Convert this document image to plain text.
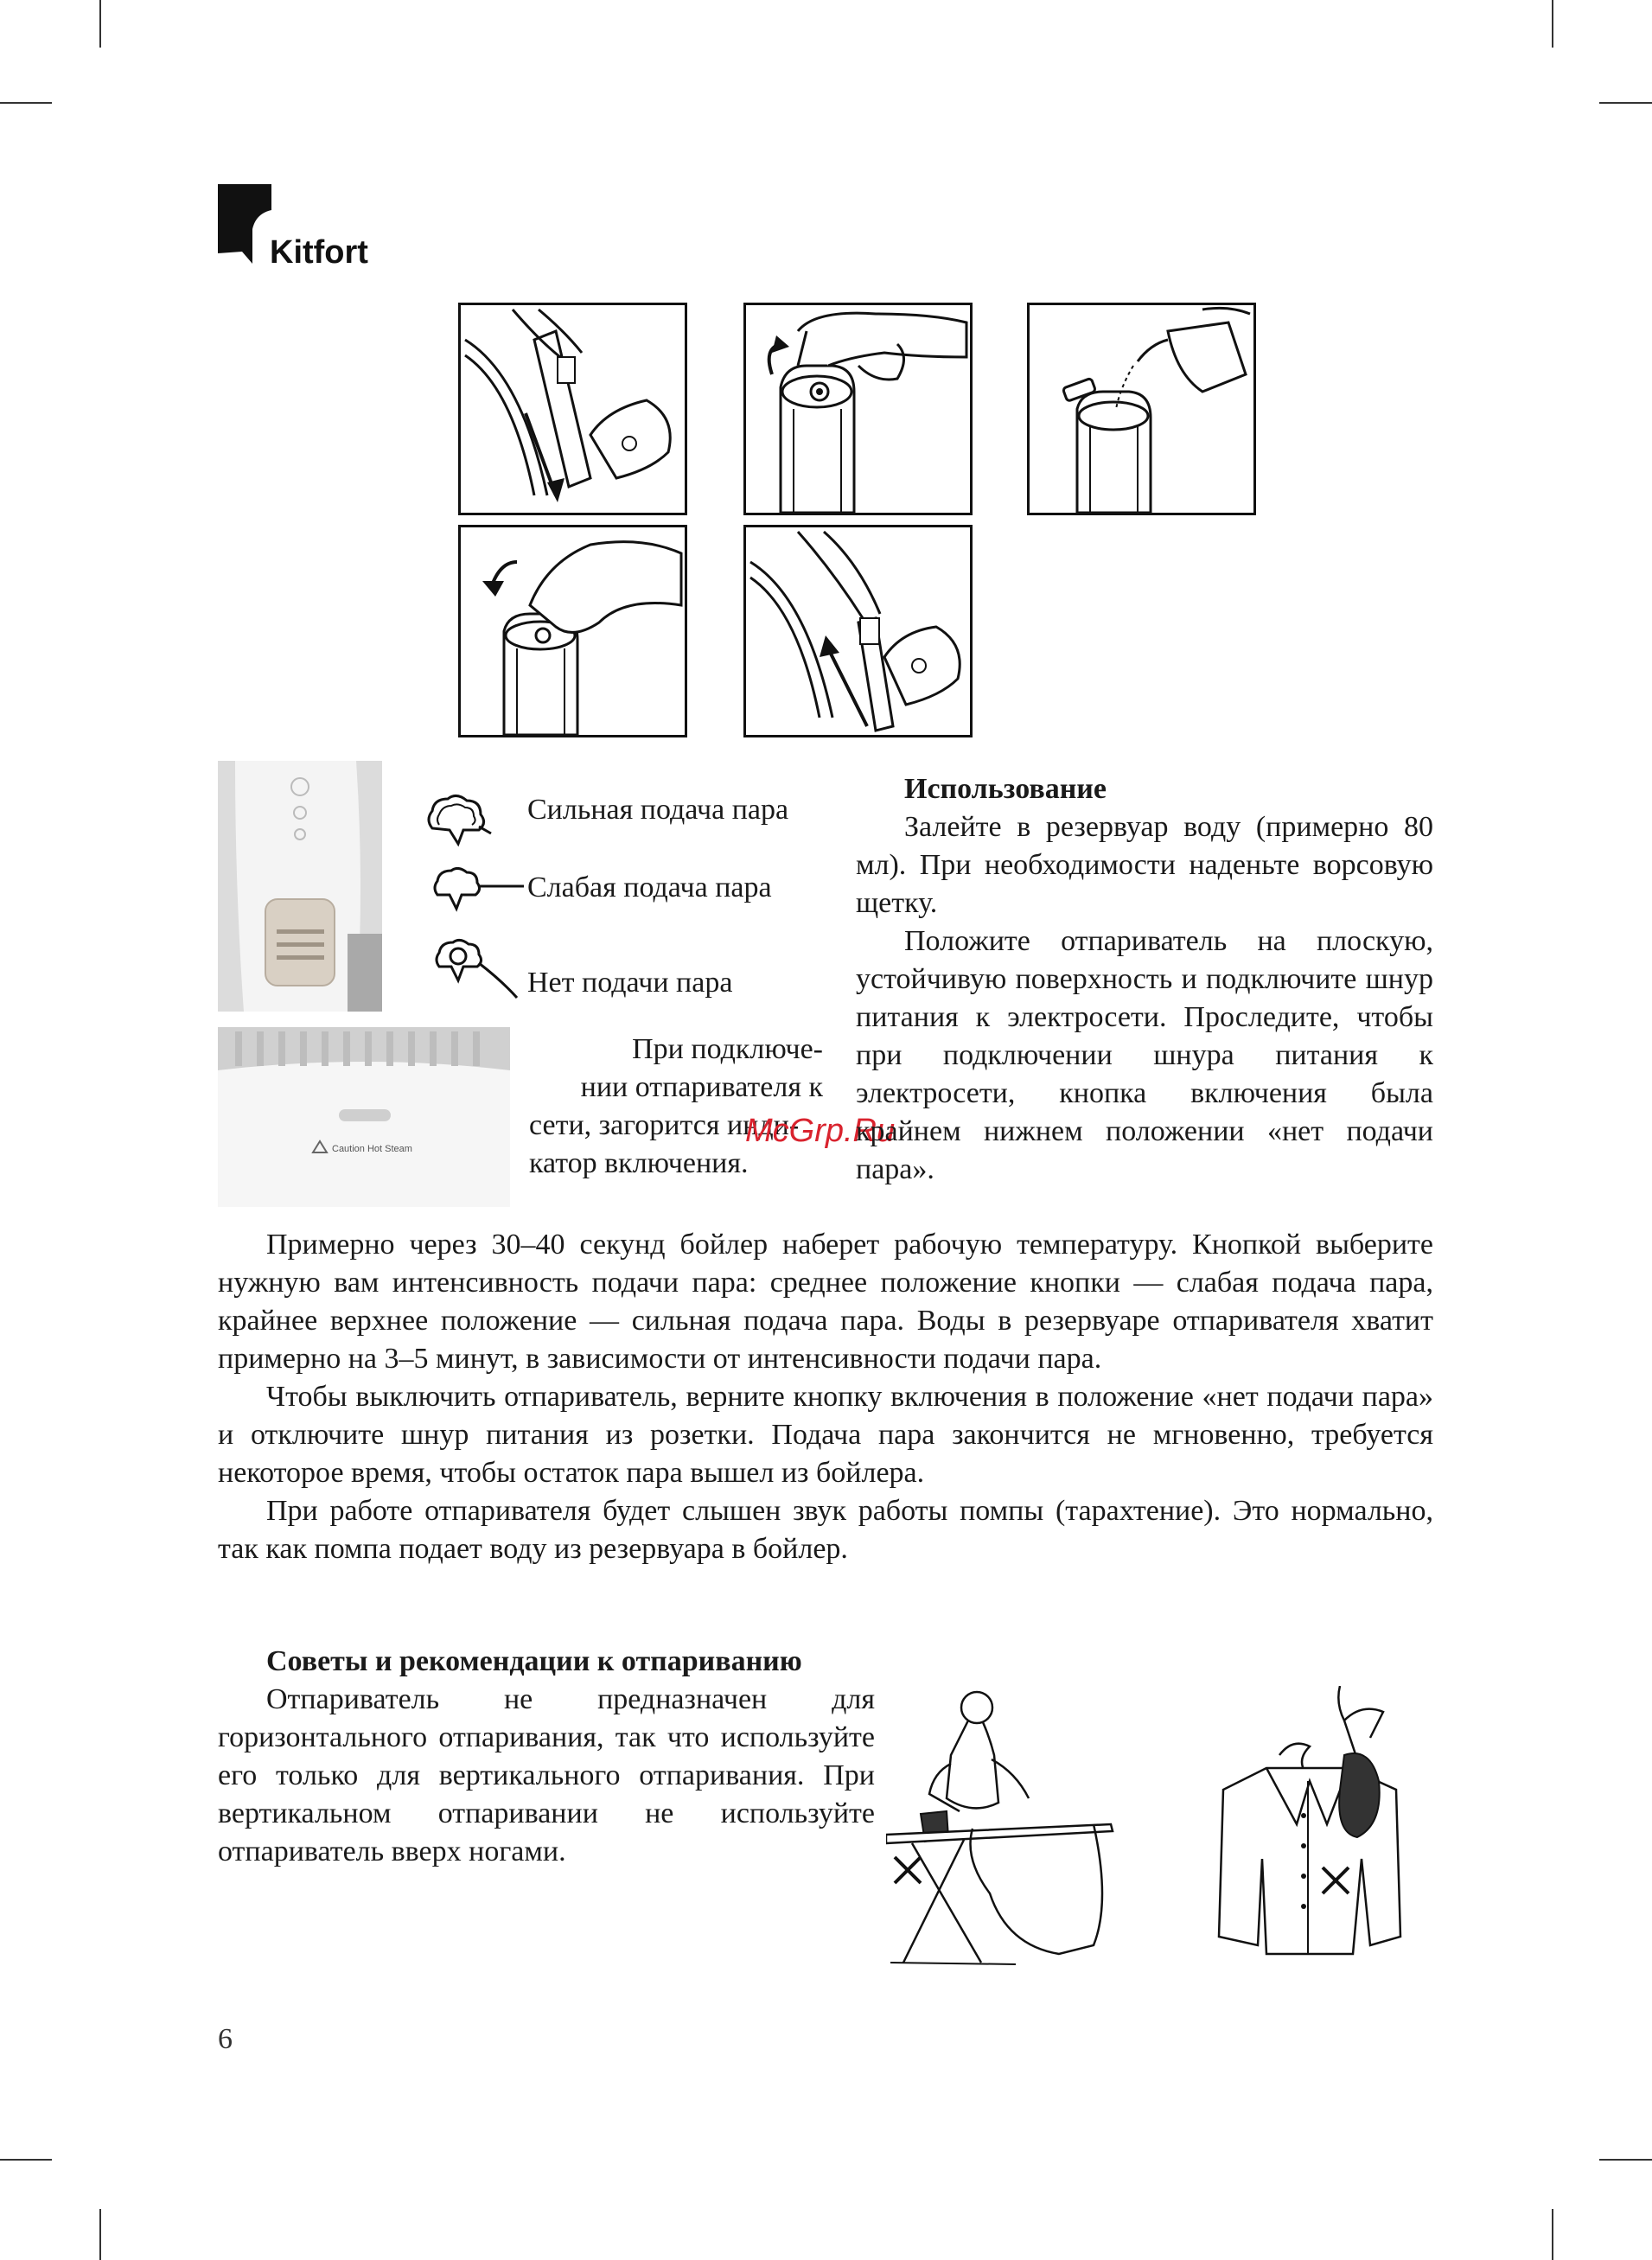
Kitfort
Caution Hot Steam
Сильная подача пара
Слабая подача пара
Нет подачи пара
При подключе-
нии отпаривателя к
сети, загорится инди-
катор включения.
McGrp.Ru
Использование

Залейте в резервуар воду (примерно 80 мл). При необходимости наденьте ворсовую щетку.

Положите отпариватель на плоскую, устойчивую поверхность и подключите шнур питания к электросети. Проследите, чтобы при подключении шнура питания к электросети, кнопка включения была крайнем нижнем положении «нет подачи пара».

Примерно через 30–40 секунд бойлер наберет рабочую температуру. Кнопкой выберите нужную вам интенсивность подачи пара: среднее положение кнопки — слабая подача пара, крайнее верхнее положение — сильная подача пара. Воды в резервуаре отпаривателя хватит примерно на 3–5 минут, в зависимости от интенсивности подачи пара.

Чтобы выключить отпариватель, верните кнопку включения в положение «нет подачи пара» и отключите шнур питания из розетки. Подача пара закончится не мгновенно, требуется некоторое время, чтобы остаток пара вышел из бойлера.

При работе отпаривателя будет слышен звук работы помпы (тарахтение). Это нормально, так как помпа подает воду из резервуара в бойлер.

Советы и рекомендации к отпариванию

Отпариватель не предназначен для горизонтального отпаривания, так что используйте его только для вертикального отпаривания. При вертикальном отпаривании не используйте отпариватель вверх ногами.

6
